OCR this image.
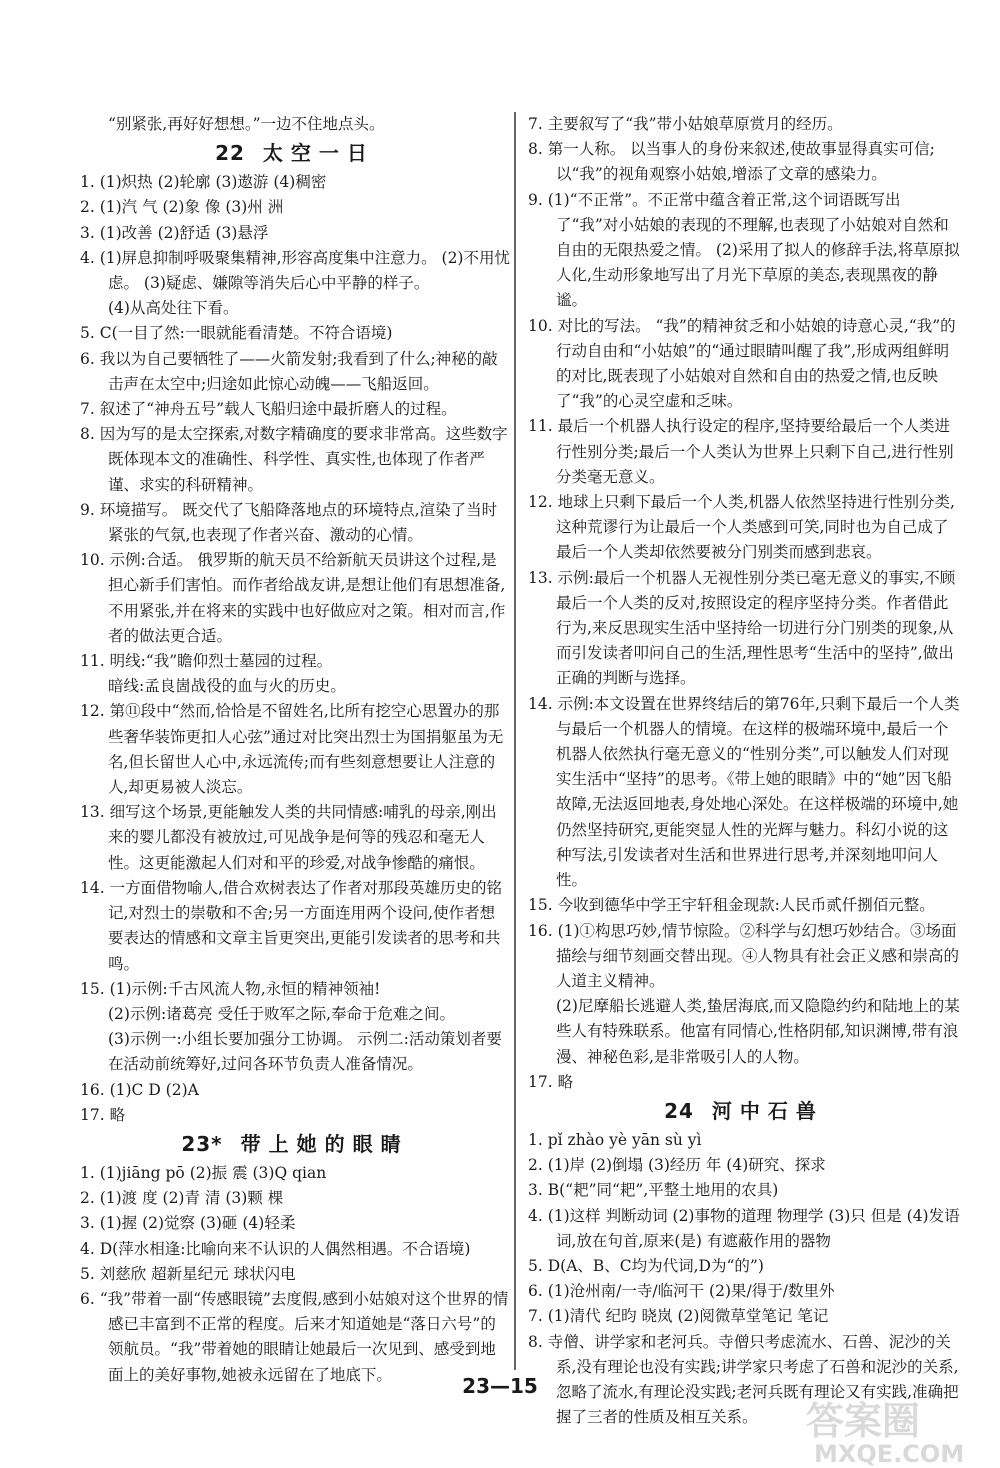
“别紧张,再好好想想。”一边不住地点头。
22 太空一日
1. (1)炽热 (2)轮廓 (3)遨游 (4)稠密
2. (1)汽 气 (2)象 像 (3)州 洲
3. (1)改善 (2)舒适 (3)悬浮
4. (1)屏息抑制呼吸聚集精神,形容高度集中注意力。 (2)不用忧虑。 (3)疑虑、嫌隙等消失后心中平静的样子。
(4)从高处往下看。
5. C(一目了然:一眼就能看清楚。不符合语境)
6. 我以为自己要牺牲了——火箭发射;我看到了什么;神秘的敲击声在太空中;归途如此惊心动魄——飞船返回。
7. 叙述了“神舟五号”载人飞船归途中最折磨人的过程。
8. 因为写的是太空探索,对数字精确度的要求非常高。这些数字既体现本文的准确性、科学性、真实性,也体现了作者严谨、求实的科研精神。
9. 环境描写。 既交代了飞船降落地点的环境特点,渲染了当时紧张的气氛,也表现了作者兴奋、激动的心情。
10. 示例:合适。 俄罗斯的航天员不给新航天员讲这个过程,是担心新手们害怕。而作者给战友讲,是想让他们有思想准备,不用紧张,并在将来的实践中也好做应对之策。相对而言,作者的做法更合适。
11. 明线:“我”瞻仰烈士墓园的过程。
暗线:孟良崮战役的血与火的历史。
12. 第⑪段中“然而,恰恰是不留姓名,比所有挖空心思置办的那些奢华装饰更扣人心弦”通过对比突出烈士为国捐躯虽为无名,但长留世人心中,永远流传;而有些刻意想要让人注意的人,却更易被人淡忘。
13. 细写这个场景,更能触发人类的共同情感:哺乳的母亲,刚出来的婴儿都没有被放过,可见战争是何等的残忍和毫无人性。这更能激起人们对和平的珍爱,对战争惨酷的痛恨。
14. 一方面借物喻人,借合欢树表达了作者对那段英雄历史的铭记,对烈士的崇敬和不舍;另一方面连用两个设问,使作者想要表达的情感和文章主旨更突出,更能引发读者的思考和共鸣。
15. (1)示例:千古风流人物,永恒的精神领袖!
(2)示例:诸葛亮 受任于败军之际,奉命于危难之间。
(3)示例一:小组长要加强分工协调。 示例二:活动策划者要在活动前统筹好,过问各环节负责人准备情况。
16. (1)C D (2)A
17. 略
23* 带上她的眼睛
1. (1)jiāng pō (2)振 震 (3)Q qian
2. (1)渡 度 (2)青 清 (3)颗 棵
3. (1)握 (2)觉察 (3)砸 (4)轻柔
4. D(萍水相逢:比喻向来不认识的人偶然相遇。不合语境)
5. 刘慈欣 超新星纪元 球状闪电
6. “我”带着一副“传感眼镜”去度假,感到小姑娘对这个世界的情感已丰富到不正常的程度。后来才知道她是“落日六号”的领航员。“我”带着她的眼睛让她最后一次见到、感受到地面上的美好事物,她被永远留在了地底下。
7. 主要叙写了“我”带小姑娘草原赏月的经历。
8. 第一人称。 以当事人的身份来叙述,使故事显得真实可信;以“我”的视角观察小姑娘,增添了文章的感染力。
9. (1)“不正常”。不正常中蕴含着正常,这个词语既写出了“我”对小姑娘的表现的不理解,也表现了小姑娘对自然和自由的无限热爱之情。 (2)采用了拟人的修辞手法,将草原拟人化,生动形象地写出了月光下草原的美态,表现黑夜的静谧。
10. 对比的写法。 “我”的精神贫乏和小姑娘的诗意心灵,“我”的行动自由和“小姑娘”的“通过眼睛叫醒了我”,形成两组鲜明的对比,既表现了小姑娘对自然和自由的热爱之情,也反映了“我”的心灵空虚和乏味。
11. 最后一个机器人执行设定的程序,坚持要给最后一个人类进行性别分类;最后一个人类认为世界上只剩下自己,进行性别分类毫无意义。
12. 地球上只剩下最后一个人类,机器人依然坚持进行性别分类,这种荒谬行为让最后一个人类感到可笑,同时也为自己成了最后一个人类却依然要被分门别类而感到悲哀。
13. 示例:最后一个机器人无视性别分类已毫无意义的事实,不顾最后一个人类的反对,按照设定的程序坚持分类。作者借此行为,来反思现实生活中坚持给一切进行分门别类的现象,从而引发读者叩问自己的生活,理性思考“生活中的坚持”,做出正确的判断与选择。
14. 示例:本文设置在世界终结后的第76年,只剩下最后一个人类与最后一个机器人的情境。在这样的极端环境中,最后一个机器人依然执行毫无意义的“性别分类”,可以触发人们对现实生活中“坚持”的思考。《带上她的眼睛》中的“她”因飞船故障,无法返回地表,身处地心深处。在这样极端的环境中,她仍然坚持研究,更能突显人性的光辉与魅力。科幻小说的这种写法,引发读者对生活和世界进行思考,并深刻地叩问人性。
15. 今收到德华中学王宇轩租金现款:人民币贰仟捌佰元整。
16. (1)①构思巧妙,情节惊险。②科学与幻想巧妙结合。③场面描绘与细节刻画交替出现。④人物具有社会正义感和崇高的人道主义精神。
(2)尼摩船长逃避人类,蛰居海底,而又隐隐约约和陆地上的某些人有特殊联系。他富有同情心,性格阴郁,知识渊博,带有浪漫、神秘色彩,是非常吸引人的人物。
17. 略
24 河中石兽
1. pǐ zhào yè yān sù yì
2. (1)岸 (2)倒塌 (3)经历 年 (4)研究、探求
3. B(“耙”同“耙”,平整土地用的农具)
4. (1)这样 判断动词 (2)事物的道理 物理学 (3)只 但是 (4)发语词,放在句首,原来(是) 有遮蔽作用的器物
5. D(A、B、C均为代词,D为“的”)
6. (1)沧州南/一寺/临河干 (2)果/得于/数里外
7. (1)清代 纪昀 晓岚 (2)阅微草堂笔记 笔记
8. 寺僧、讲学家和老河兵。寺僧只考虑流水、石兽、泥沙的关系,没有理论也没有实践;讲学家只考虑了石兽和泥沙的关系,忽略了流水,有理论没实践;老河兵既有理论又有实践,准确把握了三者的性质及相互关系。
23—15
答案圈
MXQE.COM
